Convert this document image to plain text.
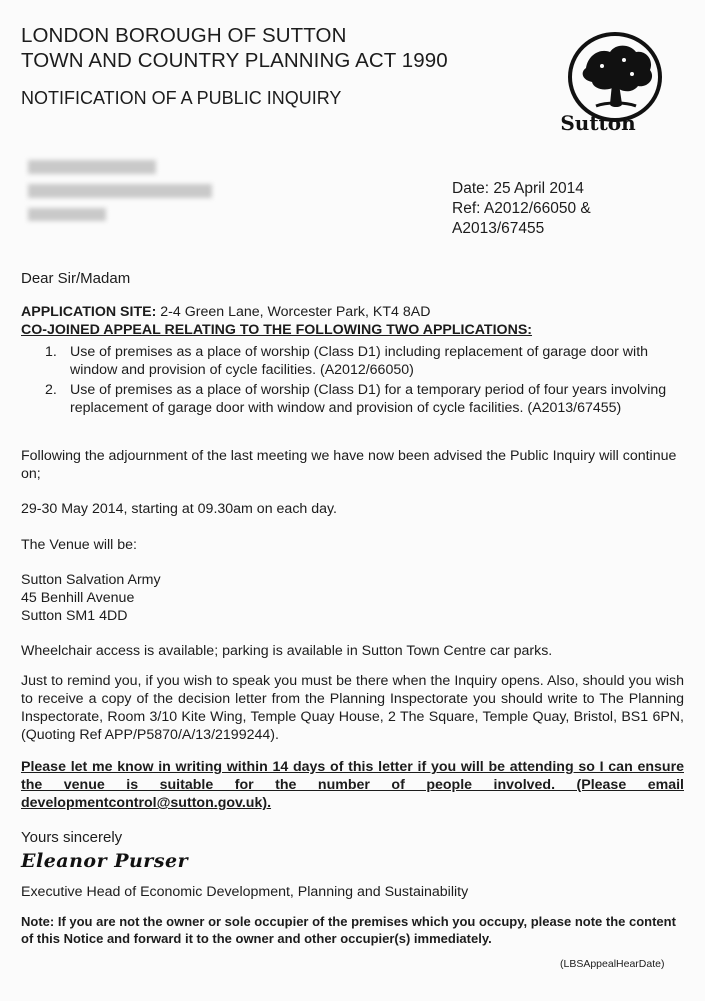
LONDON BOROUGH OF SUTTON
TOWN AND COUNTRY PLANNING ACT 1990
NOTIFICATION OF A PUBLIC INQUIRY
Sutton
Date: 25 April 2014
Ref: A2012/66050 &
A2013/67455
Dear Sir/Madam
APPLICATION SITE: 2-4 Green Lane, Worcester Park, KT4 8AD
CO-JOINED APPEAL RELATING TO THE FOLLOWING TWO APPLICATIONS:
1. Use of premises as a place of worship (Class D1) including replacement of garage door with window and provision of cycle facilities. (A2012/66050)
2. Use of premises as a place of worship (Class D1) for a temporary period of four years involving replacement of garage door with window and provision of cycle facilities. (A2013/67455)
Following the adjournment of the last meeting we have now been advised the Public Inquiry will continue on;
29-30 May 2014, starting at 09.30am on each day.
The Venue will be:
Sutton Salvation Army
45 Benhill Avenue
Sutton SM1 4DD
Wheelchair access is available; parking is available in Sutton Town Centre car parks.
Just to remind you, if you wish to speak you must be there when the Inquiry opens. Also, should you wish to receive a copy of the decision letter from the Planning Inspectorate you should write to The Planning Inspectorate, Room 3/10 Kite Wing, Temple Quay House, 2 The Square, Temple Quay, Bristol, BS1 6PN, (Quoting Ref APP/P5870/A/13/2199244).
Please let me know in writing within 14 days of this letter if you will be attending so I can ensure the venue is suitable for the number of people involved. (Please email developmentcontrol@sutton.gov.uk).
Yours sincerely
Eleanor Purser
Executive Head of Economic Development, Planning and Sustainability
Note: If you are not the owner or sole occupier of the premises which you occupy, please note the content of this Notice and forward it to the owner and other occupier(s) immediately.
(LBSAppealHearDate)
